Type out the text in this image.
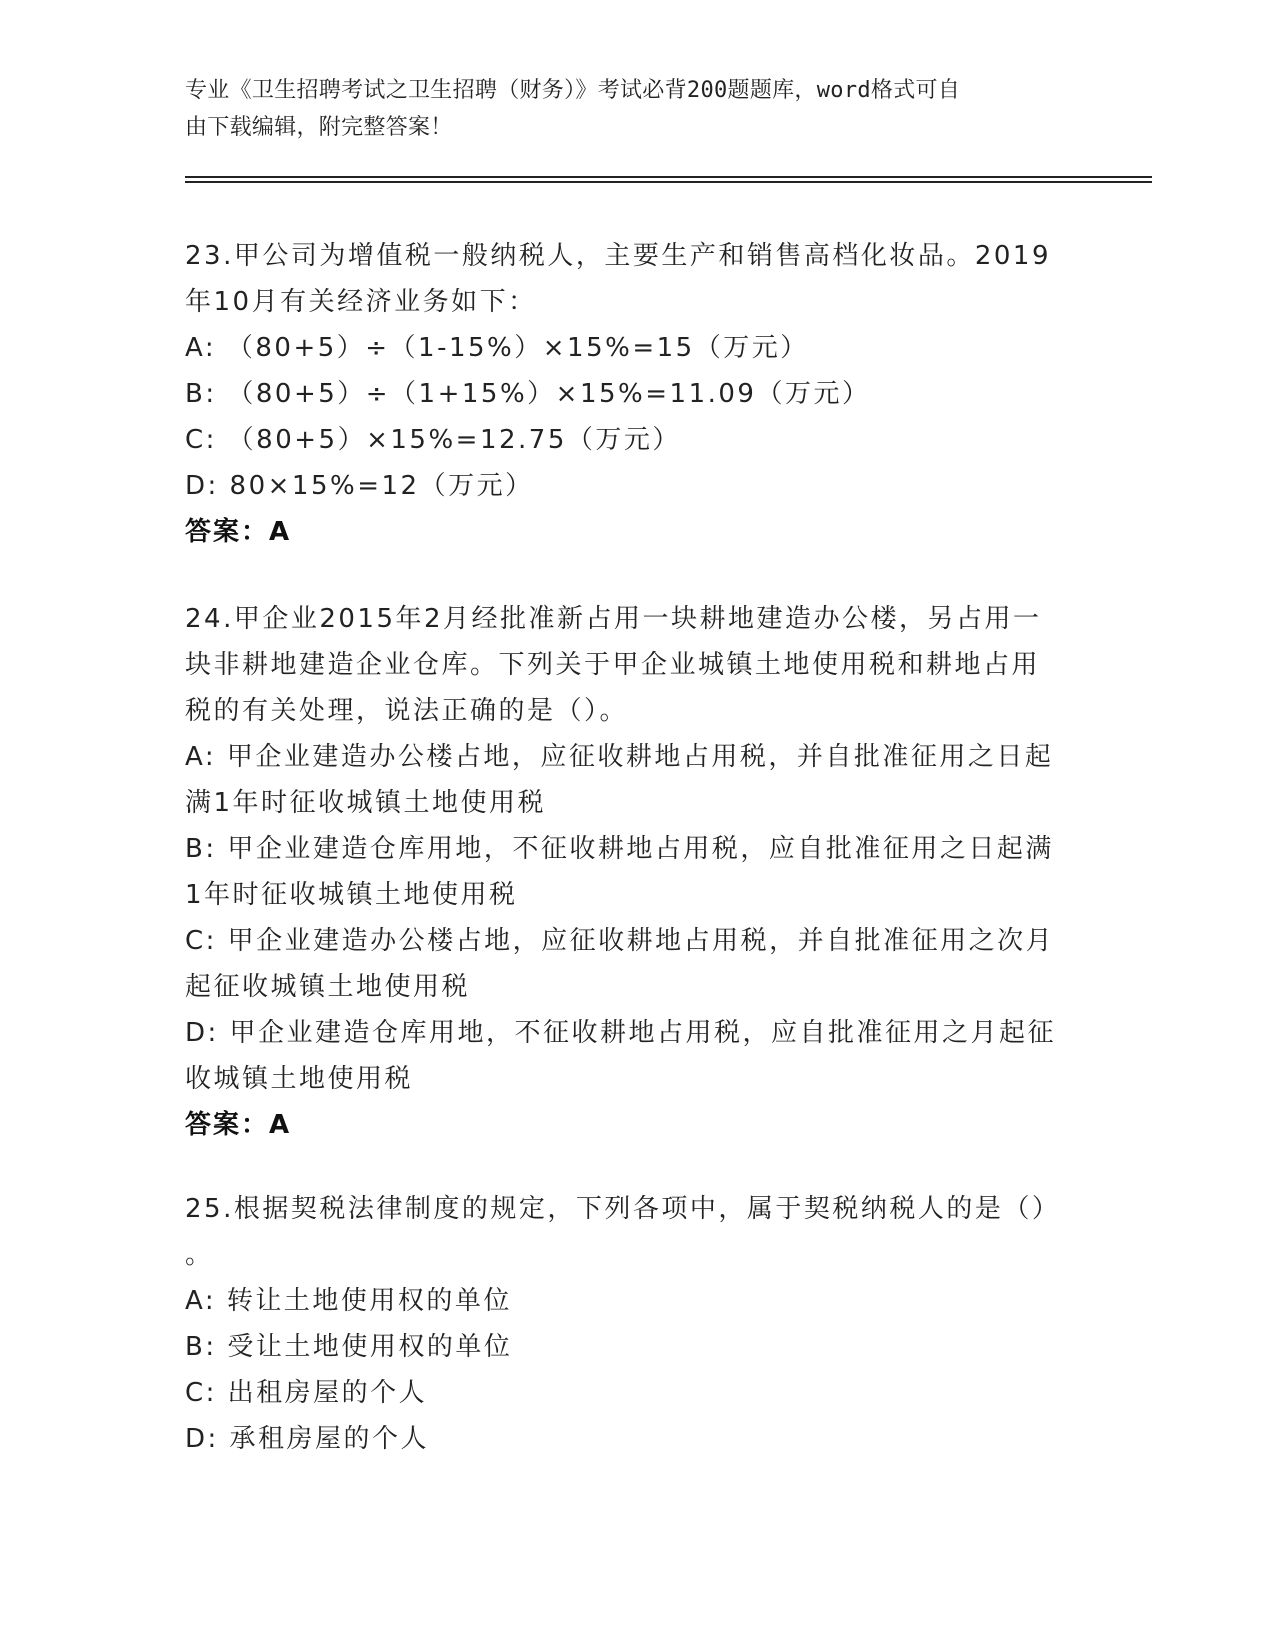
专业《卫生招聘考试之卫生招聘（财务）》考试必背200题题库，word格式可自
由下载编辑，附完整答案！
23.甲公司为增值税一般纳税人，主要生产和销售高档化妆品。2019
年10月有关经济业务如下：
A: （80+5）÷（1-15%）×15%=15（万元）
B: （80+5）÷（1+15%）×15%=11.09（万元）
C: （80+5）×15%=12.75（万元）
D: 80×15%=12（万元）
答案：A
24.甲企业2015年2月经批准新占用一块耕地建造办公楼，另占用一
块非耕地建造企业仓库。下列关于甲企业城镇土地使用税和耕地占用
税的有关处理，说法正确的是（）。
A: 甲企业建造办公楼占地，应征收耕地占用税，并自批准征用之日起
满1年时征收城镇土地使用税
B: 甲企业建造仓库用地，不征收耕地占用税，应自批准征用之日起满
1年时征收城镇土地使用税
C: 甲企业建造办公楼占地，应征收耕地占用税，并自批准征用之次月
起征收城镇土地使用税
D: 甲企业建造仓库用地，不征收耕地占用税，应自批准征用之月起征
收城镇土地使用税
答案：A
25.根据契税法律制度的规定，下列各项中，属于契税纳税人的是（）
。
A: 转让土地使用权的单位
B: 受让土地使用权的单位
C: 出租房屋的个人
D: 承租房屋的个人
